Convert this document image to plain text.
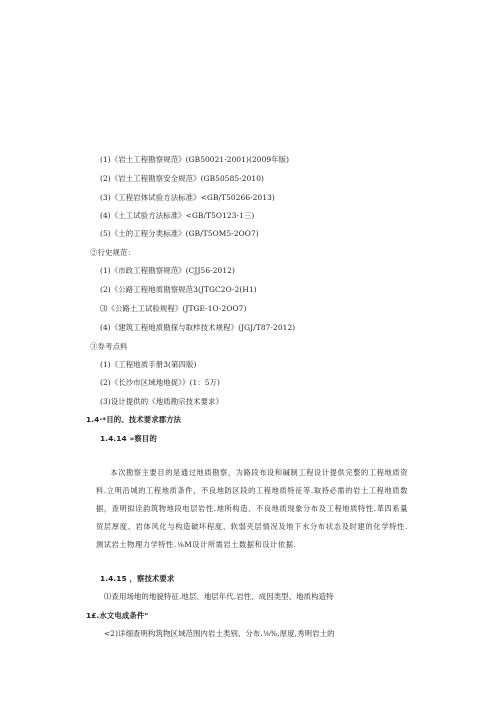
(1)《岩土工程勘察规范》(GB50021-2001)(2009年版)
(2)《岩土工程勘察安全规范》(GB50585-2010)
(3)《工程岩体试验方法标准》<GB/T50266-2013)
(4)《土工试验方法标准》<GB/T5O123-1三)
(5)《土的工程分类标准》(GB/T5OM5-2OO7)
②行史规范：
(1)《市政工程勘察规范》(CJJ56-2012)
(2)《公路工程地质勘察规范3(JTGC2O-2(H1)
⑶《公路土工试验规程》(JTGE-1O-2OO7)
(4)《建筑工程地质勘探与取样技术规程》(JGJ/T87-2012)
③券考点料
(1)《工程地质手册3(第四版)
(2)《长沙市区域地地捉》》(1：5万)
(3)设计提供的《地质勘宗技术要求》
1.4·*目的、技术要求郡方法
1.4.14 »察目的
本次勘察主要目的是通过地质勘察，为路段布设和碱制工程设计提供完整的工程地质资料.立明沿城的工程地质条件，不良地防区段的工程地质特征等.取持必需的岩土工程地质数据，查明拟诠韵筑物地段电层岩性.地所构造、不良地质现象分布及工程地质特性.革四系量贸层厚度、岩体风化与构造破坏程度、软弱夹层情况及地下水分布状态及时建的化学特性.测试岩土物理力学特性.⅛M设计所需岩土数据和设计依据.
1.4.15 ，察技术要求
⑴查用场地的地貌特征.地层、地层年代.岩性、成因类型、地质构造特
1£.水文电成条件"
<2)详细查明构筑物区域范围内岩土类别、分布.⅛%,厚度,秀明岩土的
